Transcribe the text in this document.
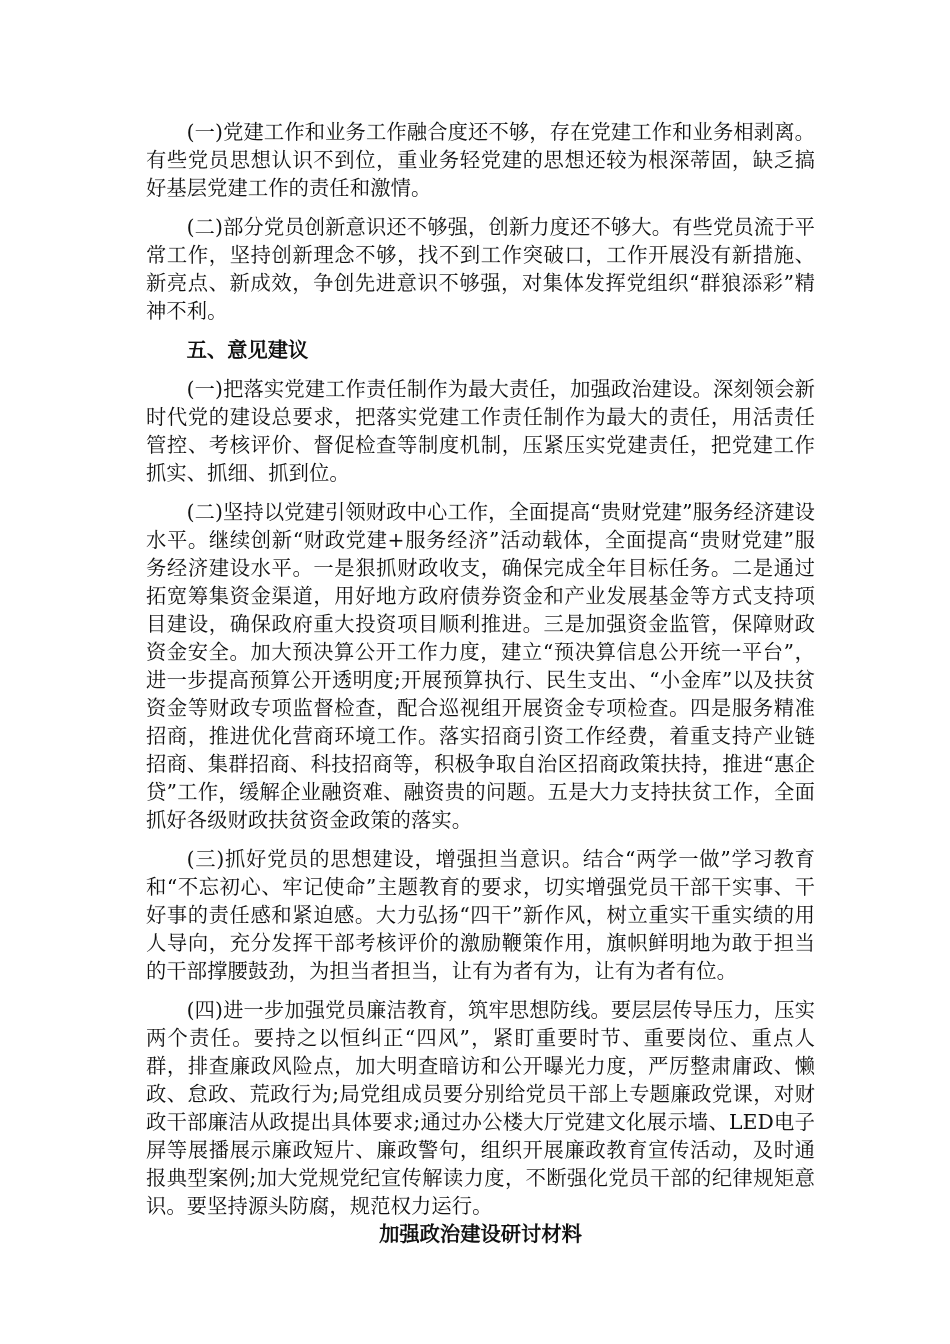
(一)党建工作和业务工作融合度还不够，存在党建工作和业务相剥离。有些党员思想认识不到位，重业务轻党建的思想还较为根深蒂固，缺乏搞好基层党建工作的责任和激情。

(二)部分党员创新意识还不够强，创新力度还不够大。有些党员流于平常工作，坚持创新理念不够，找不到工作突破口，工作开展没有新措施、新亮点、新成效，争创先进意识不够强，对集体发挥党组织“群狼添彩”精神不利。

五、意见建议

(一)把落实党建工作责任制作为最大责任，加强政治建设。深刻领会新时代党的建设总要求，把落实党建工作责任制作为最大的责任，用活责任管控、考核评价、督促检查等制度机制，压紧压实党建责任，把党建工作抓实、抓细、抓到位。

(二)坚持以党建引领财政中心工作，全面提高“贵财党建”服务经济建设水平。继续创新“财政党建+服务经济”活动载体，全面提高“贵财党建”服务经济建设水平。一是狠抓财政收支，确保完成全年目标任务。二是通过拓宽筹集资金渠道，用好地方政府债券资金和产业发展基金等方式支持项目建设，确保政府重大投资项目顺利推进。三是加强资金监管，保障财政资金安全。加大预决算公开工作力度，建立“预决算信息公开统一平台”，进一步提高预算公开透明度;开展预算执行、民生支出、“小金库”以及扶贫资金等财政专项监督检查，配合巡视组开展资金专项检查。四是服务精准招商，推进优化营商环境工作。落实招商引资工作经费，着重支持产业链招商、集群招商、科技招商等，积极争取自治区招商政策扶持，推进“惠企贷”工作，缓解企业融资难、融资贵的问题。五是大力支持扶贫工作，全面抓好各级财政扶贫资金政策的落实。

(三)抓好党员的思想建设，增强担当意识。结合“两学一做”学习教育和“不忘初心、牢记使命”主题教育的要求，切实增强党员干部干实事、干好事的责任感和紧迫感。大力弘扬“四干”新作风，树立重实干重实绩的用人导向，充分发挥干部考核评价的激励鞭策作用，旗帜鲜明地为敢于担当的干部撑腰鼓劲，为担当者担当，让有为者有为，让有为者有位。

(四)进一步加强党员廉洁教育，筑牢思想防线。要层层传导压力，压实两个责任。要持之以恒纠正“四风”，紧盯重要时节、重要岗位、重点人群，排查廉政风险点，加大明查暗访和公开曝光力度，严厉整肃庸政、懒政、怠政、荒政行为;局党组成员要分别给党员干部上专题廉政党课，对财政干部廉洁从政提出具体要求;通过办公楼大厅党建文化展示墙、LED电子屏等展播展示廉政短片、廉政警句，组织开展廉政教育宣传活动，及时通报典型案例;加大党规党纪宣传解读力度，不断强化党员干部的纪律规矩意识。要坚持源头防腐，规范权力运行。

加强政治建设研讨材料
